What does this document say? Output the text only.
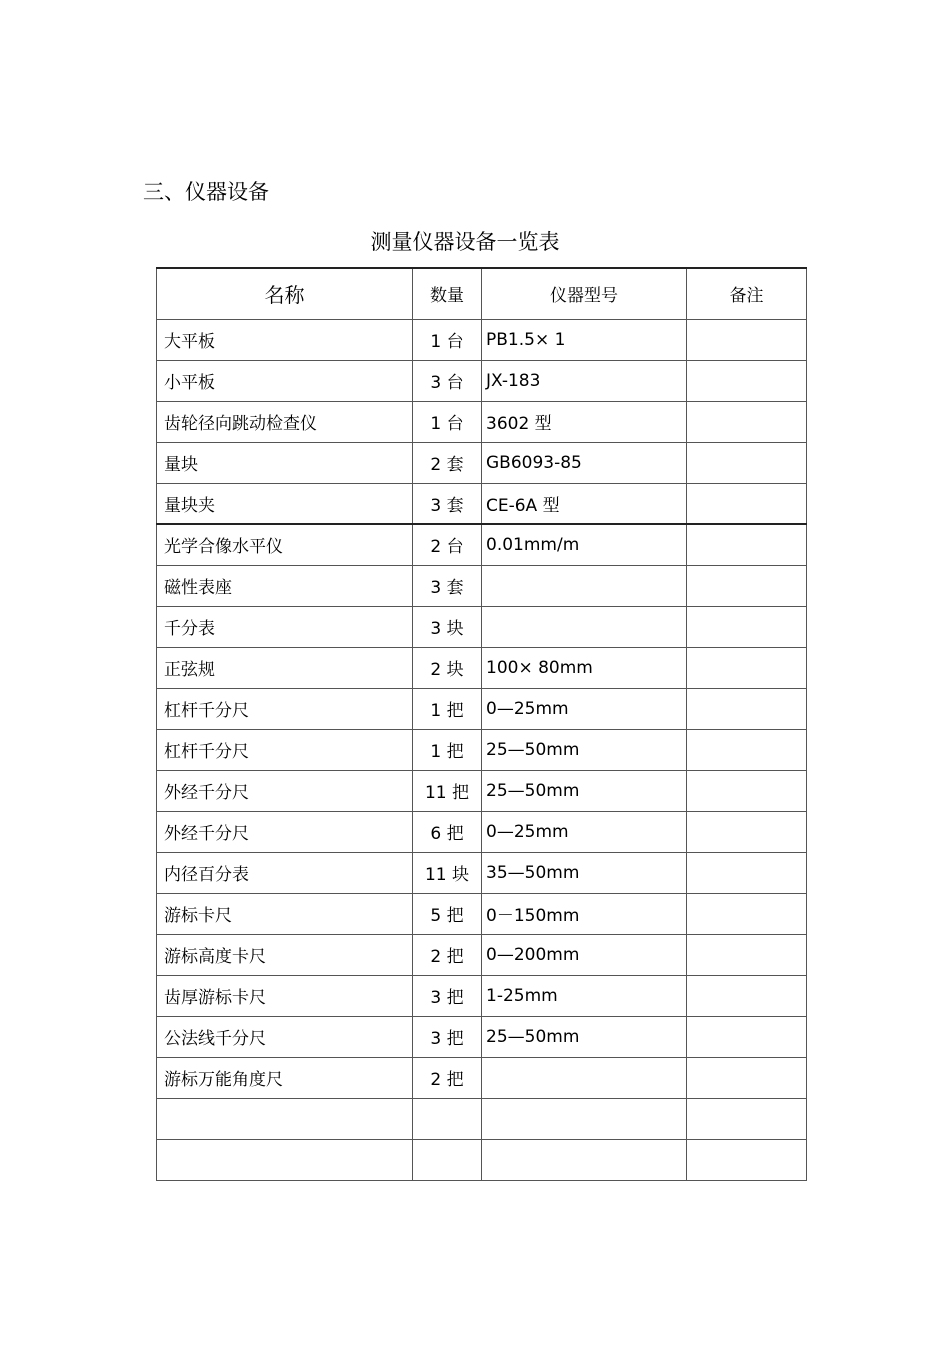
三、仪器设备
测量仪器设备一览表
名称	数量	仪器型号	备注
大平板	1 台	PB1.5× 1	
小平板	3 台	JX-183	
齿轮径向跳动检查仪	1 台	3602 型	
量块	2 套	GB6093-85	
量块夹	3 套	CE-6A 型	
光学合像水平仪	2 台	0.01mm/m	
磁性表座	3 套		
千分表	3 块		
正弦规	2 块	100× 80mm	
杠杆千分尺	1 把	0—25mm	
杠杆千分尺	1 把	25—50mm	
外经千分尺	11 把	25—50mm	
外经千分尺	6 把	0—25mm	
内径百分表	11 块	35—50mm	
游标卡尺	5 把	0－150mm	
游标高度卡尺	2 把	0—200mm	
齿厚游标卡尺	3 把	1-25mm	
公法线千分尺	3 把	25—50mm	
游标万能角度尺	2 把		
